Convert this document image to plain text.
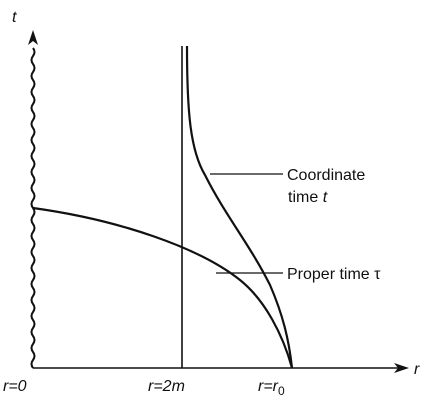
t
r
r=0	r=2m	$r=r_0$
Coordinate
time t
Proper time τ
